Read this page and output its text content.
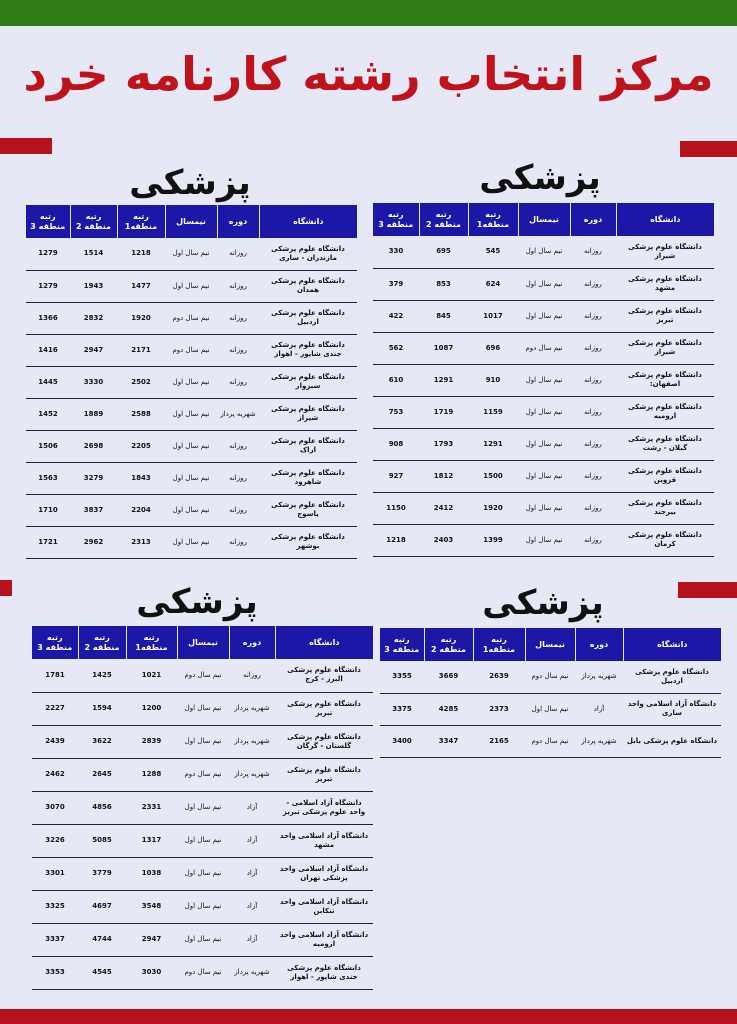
مرکز انتخاب رشته کارنامه خرد
پزشکی
پزشکی
پزشکی
پزشکی
دانشگاه	دوره	نیمسال	رتبه منطقه1	رتبه منطقه 2	رتبه منطقه 3
دانشگاه علوم پزشکی شیراز	روزانه	نیم سال اول	545	695	330
دانشگاه علوم پزشکی مشهد	روزانه	نیم سال اول	624	853	379
دانشگاه علوم پزشکی تبریز	روزانه	نیم سال اول	1017	845	422
دانشگاه علوم پزشکی شیراز	روزانه	نیم سال دوم	696	1087	562
دانشگاه علوم پزشکی اصفهان:	روزانه	نیم سال اول	910	1291	610
دانشگاه علوم پزشکی ارومیه	روزانه	نیم سال اول	1159	1719	753
دانشگاه علوم پزشکی گیلان - رشت	روزانه	نیم سال اول	1291	1793	908
دانشگاه علوم پزشکی قزوین	روزانه	نیم سال اول	1500	1812	927
دانشگاه علوم پزشکی بیرجند	روزانه	نیم سال اول	1920	2412	1150
دانشگاه علوم پزشکی کرمان	روزانه	نیم سال اول	1399	2403	1218
دانشگاه	دوره	نیمسال	رتبه منطقه1	رتبه منطقه 2	رتبه منطقه 3
دانشگاه علوم پزشکی مازندران - ساری	روزانه	نیم سال اول	1218	1514	1279
دانشگاه علوم پزشکی همدان	روزانه	نیم سال اول	1477	1943	1279
دانشگاه علوم پزشکی اردبیل	روزانه	نیم سال دوم	1920	2832	1366
دانشگاه علوم پزشکی جندی شاپور - اهواز	روزانه	نیم سال دوم	2171	2947	1416
دانشگاه علوم پزشکی سبزوار	روزانه	نیم سال اول	2502	3330	1445
دانشگاه علوم پزشکی شیراز	شهریه پرداز	نیم سال اول	2588	1889	1452
دانشگاه علوم پزشکی اراک	روزانه	نیم سال اول	2205	2698	1506
دانشگاه علوم پزشکی شاهرود	روزانه	نیم سال اول	1843	3279	1563
دانشگاه علوم پزشکی یاسوج	روزانه	نیم سال اول	2204	3837	1710
دانشگاه علوم پزشکی بوشهر	روزانه	نیم سال اول	2313	2962	1721
دانشگاه	دوره	نیمسال	رتبه منطقه1	رتبه منطقه 2	رتبه منطقه 3
دانشگاه علوم پزشکی اردبیل	شهریه پرداز	نیم سال دوم	2639	3669	3355
دانشگاه آزاد اسلامی واحد ساری	آزاد	نیم سال اول	2373	4285	3375
دانشگاه علوم پزشکی بابل	شهریه پرداز	نیم سال دوم	2165	3347	3400
دانشگاه	دوره	نیمسال	رتبه منطقه1	رتبه منطقه 2	رتبه منطقه 3
دانشگاه علوم پزشکی البرز - کرج	روزانه	نیم سال دوم	1021	1425	1781
دانشگاه علوم پزشکی تبریز	شهریه پرداز	نیم سال اول	1200	1594	2227
دانشگاه علوم پزشکی گلستان - گرگان	شهریه پرداز	نیم سال اول	2839	3622	2439
دانشگاه علوم پزشکی تبریز	شهریه پرداز	نیم سال دوم	1288	2645	2462
دانشگاه آزاد اسلامی - واحد علوم پزشکی تبریز	آزاد	نیم سال اول	2331	4856	3070
دانشگاه آزاد اسلامی واحد مشهد	آزاد	نیم سال اول	1317	5085	3226
دانشگاه آزاد اسلامی واحد پزشکی تهران	آزاد	نیم سال اول	1038	3779	3301
دانشگاه آزاد اسلامی واحد تنکابن	آزاد	نیم سال اول	3548	4697	3325
دانشگاه آزاد اسلامی واحد ارومیه	آزاد	نیم سال اول	2947	4744	3337
دانشگاه علوم پزشکی جندی شاپور - اهواز	شهریه پرداز	نیم سال دوم	3030	4545	3353
